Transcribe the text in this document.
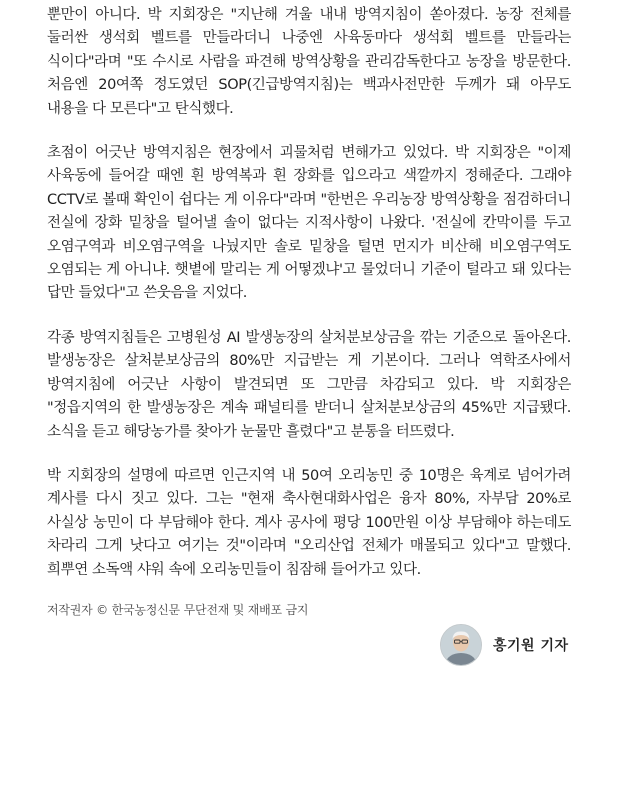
뿐만이 아니다. 박 지회장은 "지난해 겨울 내내 방역지침이 쏟아졌다. 농장 전체를 둘러싼 생석회 벨트를 만들라더니 나중엔 사육동마다 생석회 벨트를 만들라는 식이다"라며 "또 수시로 사람을 파견해 방역상황을 관리감독한다고 농장을 방문한다. 처음엔 20여쪽 정도였던 SOP(긴급방역지침)는 백과사전만한 두께가 돼 아무도 내용을 다 모른다"고 탄식했다.

초점이 어긋난 방역지침은 현장에서 괴물처럼 변해가고 있었다. 박 지회장은 "이제 사육동에 들어갈 때엔 흰 방역복과 흰 장화를 입으라고 색깔까지 정해준다. 그래야 CCTV로 볼때 확인이 쉽다는 게 이유다"라며 "한번은 우리농장 방역상황을 점검하더니 전실에 장화 밑창을 털어낼 솔이 없다는 지적사항이 나왔다. '전실에 칸막이를 두고 오염구역과 비오염구역을 나눴지만 솔로 밑창을 털면 먼지가 비산해 비오염구역도 오염되는 게 아니냐. 햇볕에 말리는 게 어떻겠냐'고 물었더니 기준이 털라고 돼 있다는 답만 들었다"고 쓴웃음을 지었다.

각종 방역지침들은 고병원성 AI 발생농장의 살처분보상금을 깎는 기준으로 돌아온다. 발생농장은 살처분보상금의 80%만 지급받는 게 기본이다. 그러나 역학조사에서 방역지침에 어긋난 사항이 발견되면 또 그만큼 차감되고 있다. 박 지회장은 "정읍지역의 한 발생농장은 계속 패널티를 받더니 살처분보상금의 45%만 지급됐다. 소식을 듣고 해당농가를 찾아가 눈물만 흘렸다"고 분통을 터뜨렸다.

박 지회장의 설명에 따르면 인근지역 내 50여 오리농민 중 10명은 육계로 넘어가려 계사를 다시 짓고 있다. 그는 "현재 축사현대화사업은 융자 80%, 자부담 20%로 사실상 농민이 다 부담해야 한다. 계사 공사에 평당 100만원 이상 부담해야 하는데도 차라리 그게 낫다고 여기는 것"이라며 "오리산업 전체가 매몰되고 있다"고 말했다. 희뿌연 소독액 샤워 속에 오리농민들이 침잠해 들어가고 있다.

저작권자 © 한국농정신문 무단전재 및 재배포 금지
홍기원 기자
